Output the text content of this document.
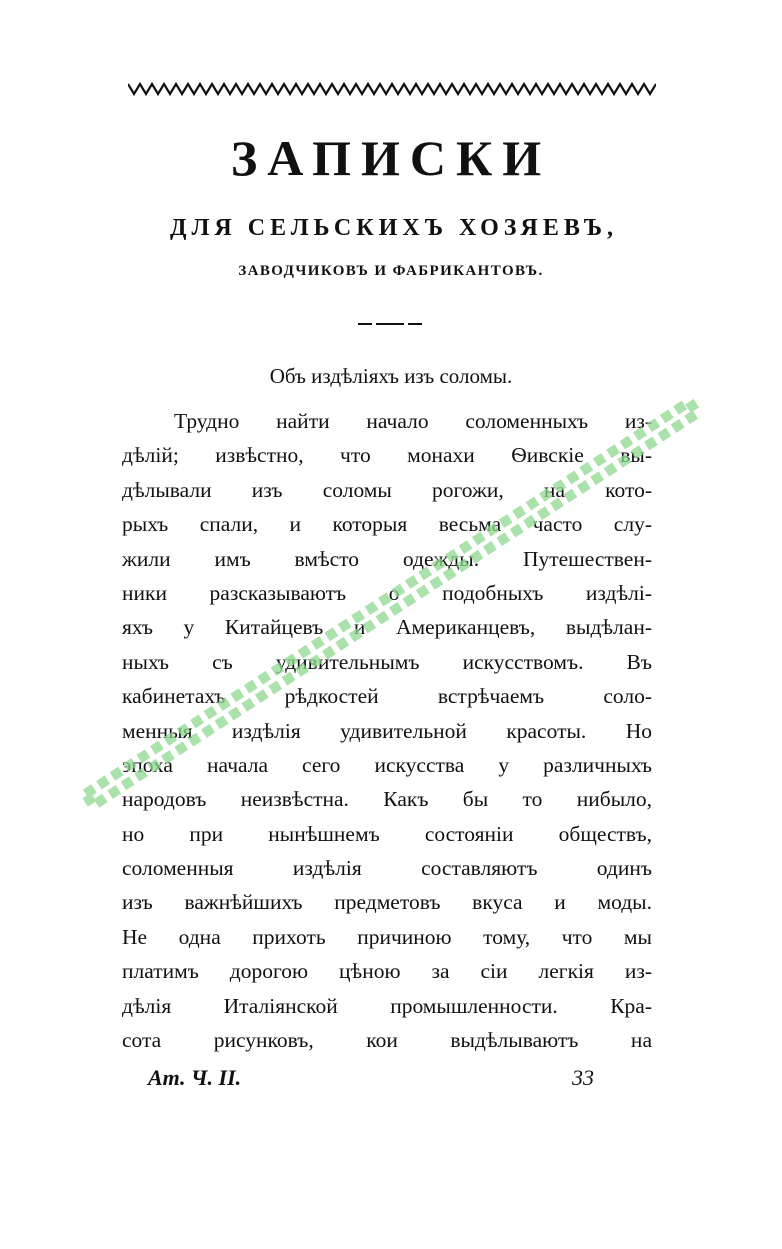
ЗАПИСКИ
ДЛЯ СЕЛЬСКИХЪ ХОЗЯЕВЪ,
ЗАВОДЧИКОВЪ И ФАБРИКАНТОВЪ.
Объ издѣлiяхъ изъ соломы.
Трудно найти начало соломенныхъ из-
дѣлiй; извѣстно, что монахи Ѳивскiе вы-
дѣлывали изъ соломы рогожи, на кото-
рыхъ спали, и которыя весьма часто слу-
жили имъ вмѣсто одежды. Путешествен-
ники разсказываютъ о подобныхъ издѣлi-
яхъ у Китайцевъ и Американцевъ, выдѣлан-
ныхъ съ удивительнымъ искусствомъ. Въ
кабинетахъ рѣдкостей встрѣчаемъ соло-
менныя издѣлiя удивительной красоты. Но
эпоха начала сего искусства у различныхъ
народовъ неизвѣстна. Какъ бы то нибыло,
но при нынѣшнемъ состоянiи обществъ,
соломенныя издѣлiя составляютъ одинъ
изъ важнѣйшихъ предметовъ вкуса и моды.
Не одна прихоть причиною тому, что мы
платимъ дорогою цѣною за сiи легкiя из-
дѣлiя Италiянской промышленности. Кра-
сота рисунковъ, кои выдѣлываютъ на
Ат. Ч. II.	33
